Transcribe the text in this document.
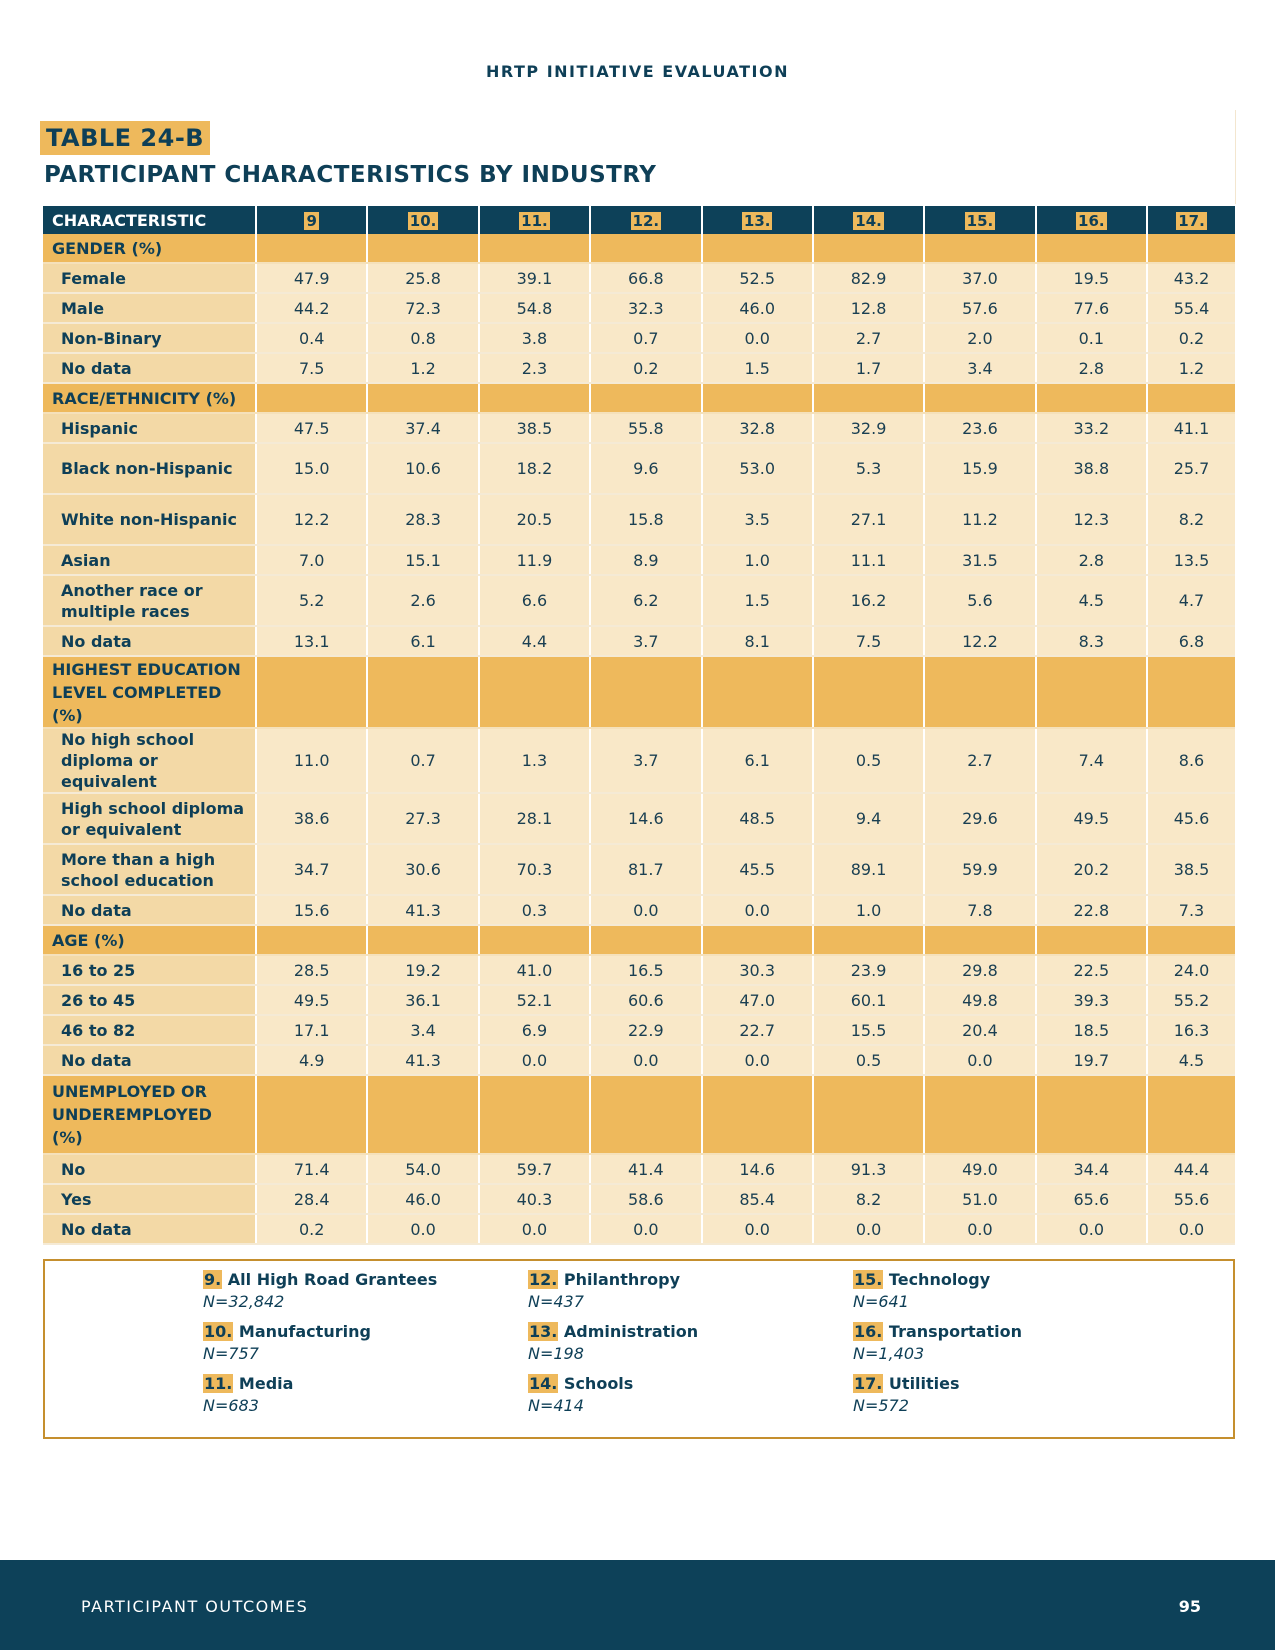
HRTP INITIATIVE EVALUATION
TABLE 24-B
PARTICIPANT CHARACTERISTICS BY INDUSTRY
CHARACTERISTIC	9	10.	11.	12.	13.	14.	15.	16.	17.
GENDER (%)									
Female	47.9	25.8	39.1	66.8	52.5	82.9	37.0	19.5	43.2
Male	44.2	72.3	54.8	32.3	46.0	12.8	57.6	77.6	55.4
Non-Binary	0.4	0.8	3.8	0.7	0.0	2.7	2.0	0.1	0.2
No data	7.5	1.2	2.3	0.2	1.5	1.7	3.4	2.8	1.2
RACE/ETHNICITY (%)									
Hispanic	47.5	37.4	38.5	55.8	32.8	32.9	23.6	33.2	41.1
Black non-Hispanic	15.0	10.6	18.2	9.6	53.0	5.3	15.9	38.8	25.7
White non-Hispanic	12.2	28.3	20.5	15.8	3.5	27.1	11.2	12.3	8.2
Asian	7.0	15.1	11.9	8.9	1.0	11.1	31.5	2.8	13.5
Another race or multiple races	5.2	2.6	6.6	6.2	1.5	16.2	5.6	4.5	4.7
No data	13.1	6.1	4.4	3.7	8.1	7.5	12.2	8.3	6.8
HIGHEST EDUCATION LEVEL COMPLETED (%)									
No high school diploma or equivalent	11.0	0.7	1.3	3.7	6.1	0.5	2.7	7.4	8.6
High school diploma or equivalent	38.6	27.3	28.1	14.6	48.5	9.4	29.6	49.5	45.6
More than a high school education	34.7	30.6	70.3	81.7	45.5	89.1	59.9	20.2	38.5
No data	15.6	41.3	0.3	0.0	0.0	1.0	7.8	22.8	7.3
AGE (%)									
16 to 25	28.5	19.2	41.0	16.5	30.3	23.9	29.8	22.5	24.0
26 to 45	49.5	36.1	52.1	60.6	47.0	60.1	49.8	39.3	55.2
46 to 82	17.1	3.4	6.9	22.9	22.7	15.5	20.4	18.5	16.3
No data	4.9	41.3	0.0	0.0	0.0	0.5	0.0	19.7	4.5
UNEMPLOYED OR UNDEREMPLOYED (%)									
No	71.4	54.0	59.7	41.4	14.6	91.3	49.0	34.4	44.4
Yes	28.4	46.0	40.3	58.6	85.4	8.2	51.0	65.6	55.6
No data	0.2	0.0	0.0	0.0	0.0	0.0	0.0	0.0	0.0
9. All High Road Grantees
N=32,842
10. Manufacturing
N=757
11. Media
N=683
12. Philanthropy
N=437
13. Administration
N=198
14. Schools
N=414
15. Technology
N=641
16. Transportation
N=1,403
17. Utilities
N=572
PARTICIPANT OUTCOMES	95
